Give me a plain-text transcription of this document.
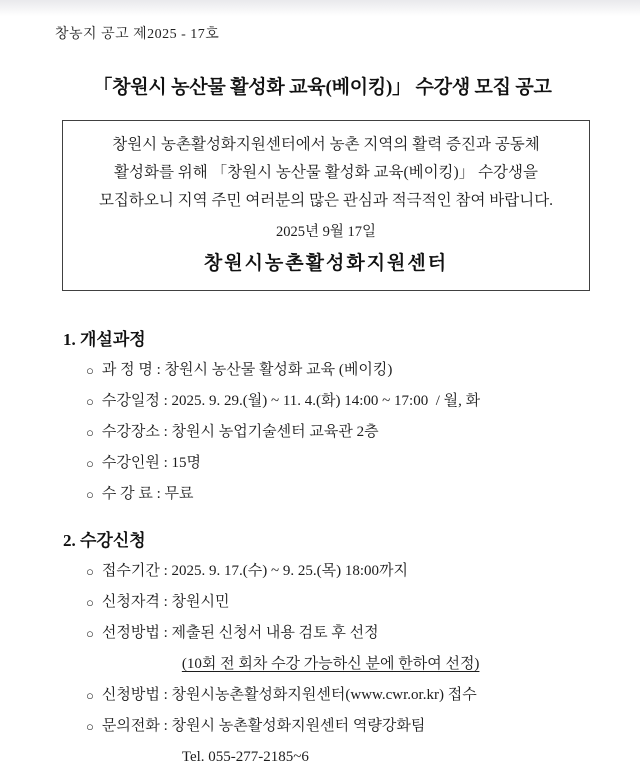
창농지 공고 제2025 - 17호
「창원시 농산물 활성화 교육(베이킹)」 수강생 모집 공고
창원시 농촌활성화지원센터에서 농촌 지역의 활력 증진과 공동체
활성화를 위해 「창원시 농산물 활성화 교육(베이킹)」 수강생을
모집하오니 지역 주민 여러분의 많은 관심과 적극적인 참여 바랍니다.
2025년 9월 17일
창원시농촌활성화지원센터
1. 개설과정
○ 과 정 명 : 창원시 농산물 활성화 교육 (베이킹)
○ 수강일정 : 2025. 9. 29.(월) ~ 11. 4.(화) 14:00 ~ 17:00  / 월, 화
○ 수강장소 : 창원시 농업기술센터 교육관 2층
○ 수강인원 : 15명
○ 수 강 료 : 무료
2. 수강신청
○ 접수기간 : 2025. 9. 17.(수) ~ 9. 25.(목) 18:00까지
○ 신청자격 : 창원시민
○ 선정방법 : 제출된 신청서 내용 검토 후 선정
(10회 전 회차 수강 가능하신 분에 한하여 선정)
○ 신청방법 : 창원시농촌활성화지원센터(www.cwr.or.kr) 접수
○ 문의전화 : 창원시 농촌활성화지원센터 역량강화팀
Tel. 055-277-2185~6
